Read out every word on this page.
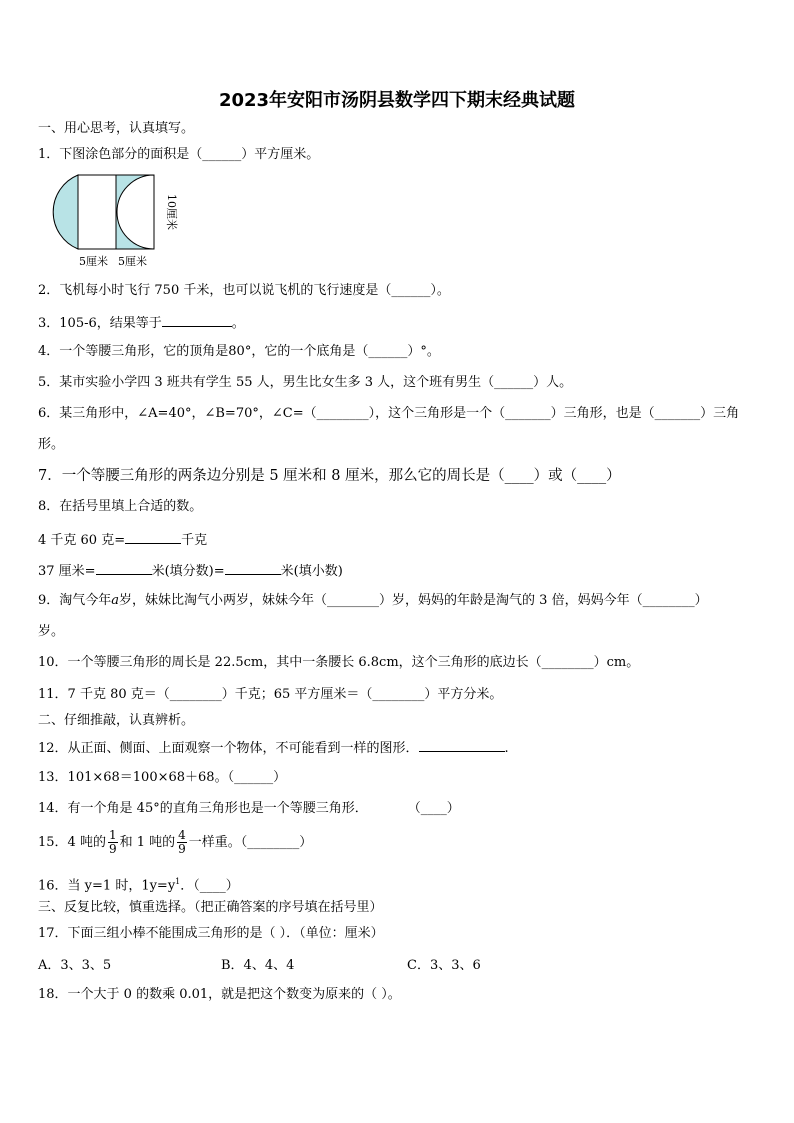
2023年安阳市汤阴县数学四下期末经典试题
一、用心思考，认真填写。
1．下图涂色部分的面积是（______）平方厘米。
10厘米
5厘米 5厘米
2．飞机每小时飞行 750 千米，也可以说飞机的飞行速度是（______）。
3．105-6，结果等于	。
4．一个等腰三角形，它的顶角是80°，它的一个底角是（______）°。
5．某市实验小学四 3 班共有学生 55 人，男生比女生多 3 人，这个班有男生（______）人。
6．某三角形中，∠A=40°，∠B=70°，∠C=（________），这个三角形是一个（_______）三角形，也是（_______）三角
形。
7．一个等腰三角形的两条边分别是 5 厘米和 8 厘米，那么它的周长是（____）或（____）
8．在括号里填上合适的数。
4 千克 60 克=	千克
37 厘米=	米(填分数)=	米(填小数)
9．淘气今年a岁，妹妹比淘气小两岁，妹妹今年（________）岁，妈妈的年龄是淘气的 3 倍，妈妈今年（________）
岁。
10．一个等腰三角形的周长是 22.5cm，其中一条腰长 6.8cm，这个三角形的底边长（________）cm。
11．7 千克 80 克＝（________）千克；65 平方厘米＝（________）平方分米。
二、仔细推敲，认真辨析。
12．从正面、侧面、上面观察一个物体，不可能看到一样的图形．	.
13．101×68＝100×68＋68。（______）
14．有一个角是 45°的直角三角形也是一个等腰三角形．	（____）
15．4 吨的 $\frac{1}{9}$ 和 1 吨的 $\frac{4}{9}$ 一样重。（________）
16．当 y=1 时，$1y=y^1$．（____）
三、反复比较，慎重选择。（把正确答案的序号填在括号里）
17．下面三组小棒不能围成三角形的是（ ）．（单位：厘米）
A．3、3、5	B．4、4、4	C．3、3、6
18．一个大于 0 的数乘 0.01，就是把这个数变为原来的（ ）。
